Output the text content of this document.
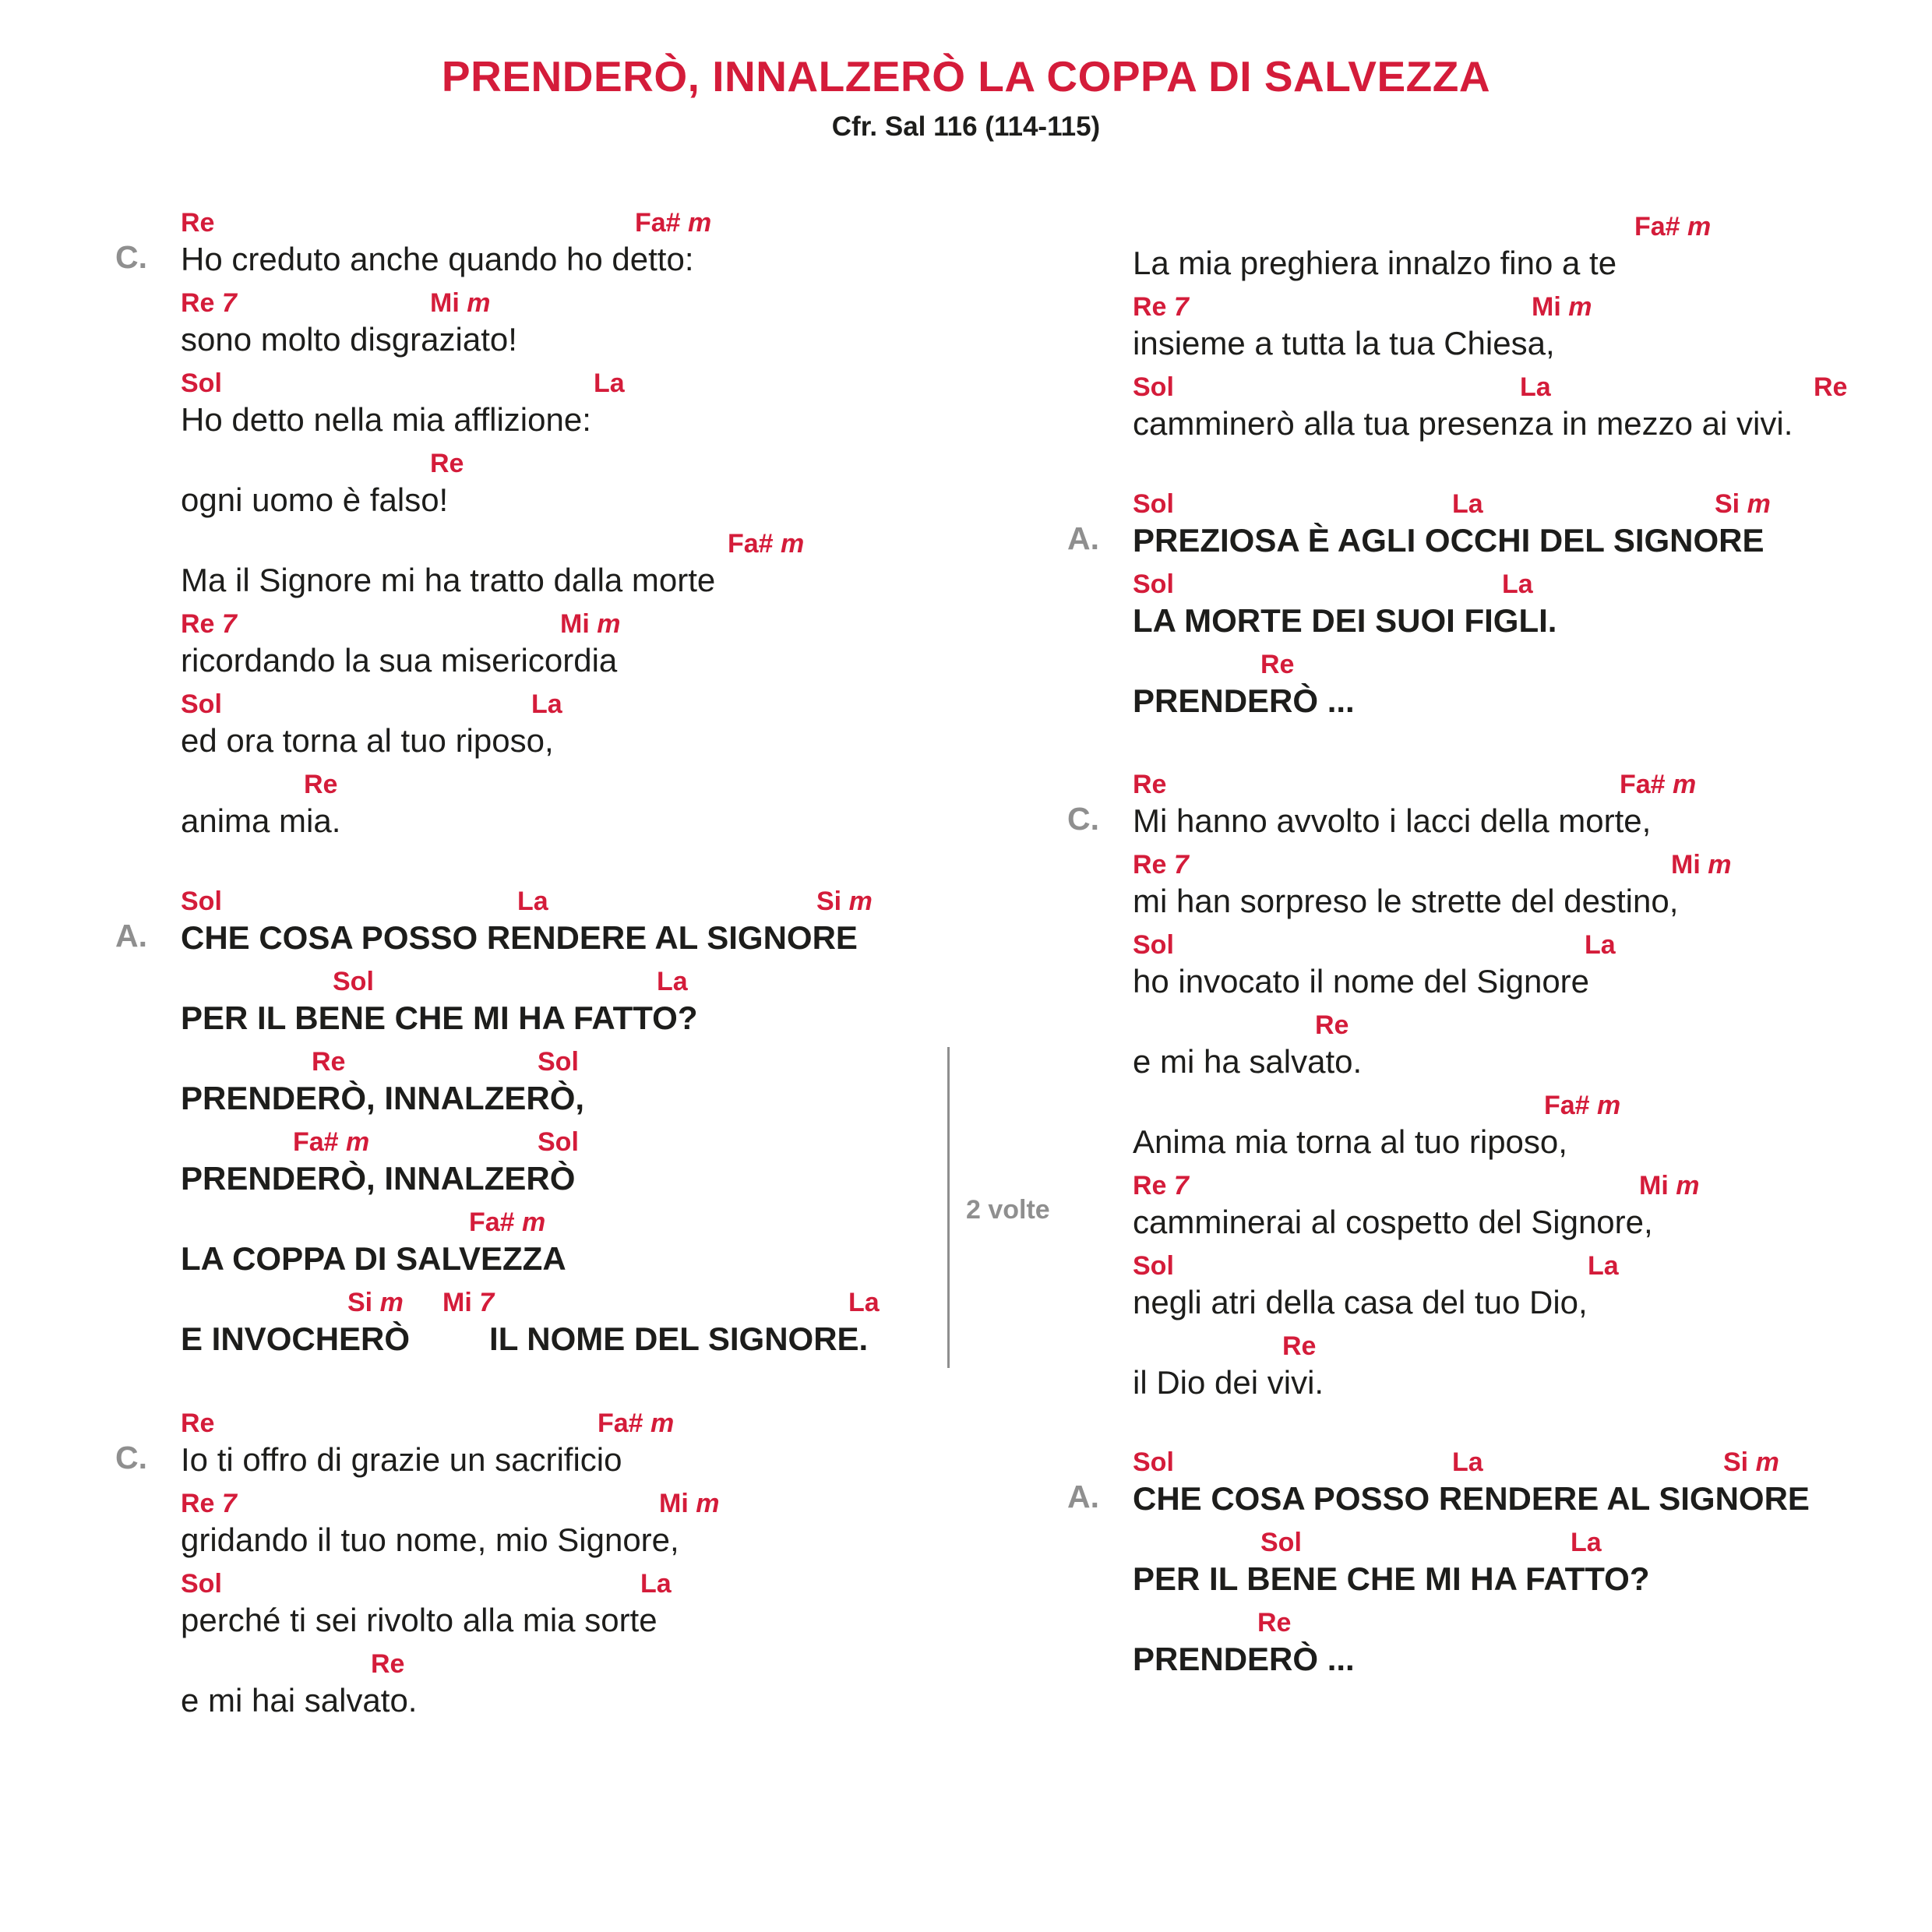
PRENDERÒ, INNALZERÒ LA COPPA DI SALVEZZA
Cfr. Sal 116 (114-115)
C.
Re	Fa# m
Ho creduto anche quando ho detto:
Re 7	Mi m
sono molto disgraziato!
Sol	La
Ho detto nella mia afflizione:
Re
ogni uomo è falso!
Fa# m
Ma il Signore mi ha tratto dalla morte
Re 7	Mi m
ricordando la sua misericordia
Sol	La
ed ora torna al tuo riposo,
Re
anima mia.
A.
Sol	La	Si m
CHE COSA POSSO RENDERE AL SIGNORE
Sol	La
PER IL BENE CHE MI HA FATTO?
Re	Sol
PRENDERÒ, INNALZERÒ,
Fa# m	Sol
PRENDERÒ, INNALZERÒ
Fa# m
LA COPPA DI SALVEZZA
Si m Mi 7	La
E INVOCHERÒ IL NOME DEL SIGNORE.
2 volte
C.
Re	Fa# m
Io ti offro di grazie un sacrificio
Re 7	Mi m
gridando il tuo nome, mio Signore,
Sol	La
perché ti sei rivolto alla mia sorte
Re
e mi hai salvato.
Fa# m
La mia preghiera innalzo fino a te
Re 7	Mi m
insieme a tutta la tua Chiesa,
Sol	La	Re
camminerò alla tua presenza in mezzo ai vivi.
A.
Sol	La	Si m
PREZIOSA È AGLI OCCHI DEL SIGNORE
Sol	La
LA MORTE DEI SUOI FIGLI.
Re
PRENDERÒ ...
C.
Re	Fa# m
Mi hanno avvolto i lacci della morte,
Re 7	Mi m
mi han sorpreso le strette del destino,
Sol	La
ho invocato il nome del Signore
Re
e mi ha salvato.
Fa# m
Anima mia torna al tuo riposo,
Re 7	Mi m
camminerai al cospetto del Signore,
Sol	La
negli atri della casa del tuo Dio,
Re
il Dio dei vivi.
A.
Sol	La	Si m
CHE COSA POSSO RENDERE AL SIGNORE
Sol	La
PER IL BENE CHE MI HA FATTO?
Re
PRENDERÒ ...
